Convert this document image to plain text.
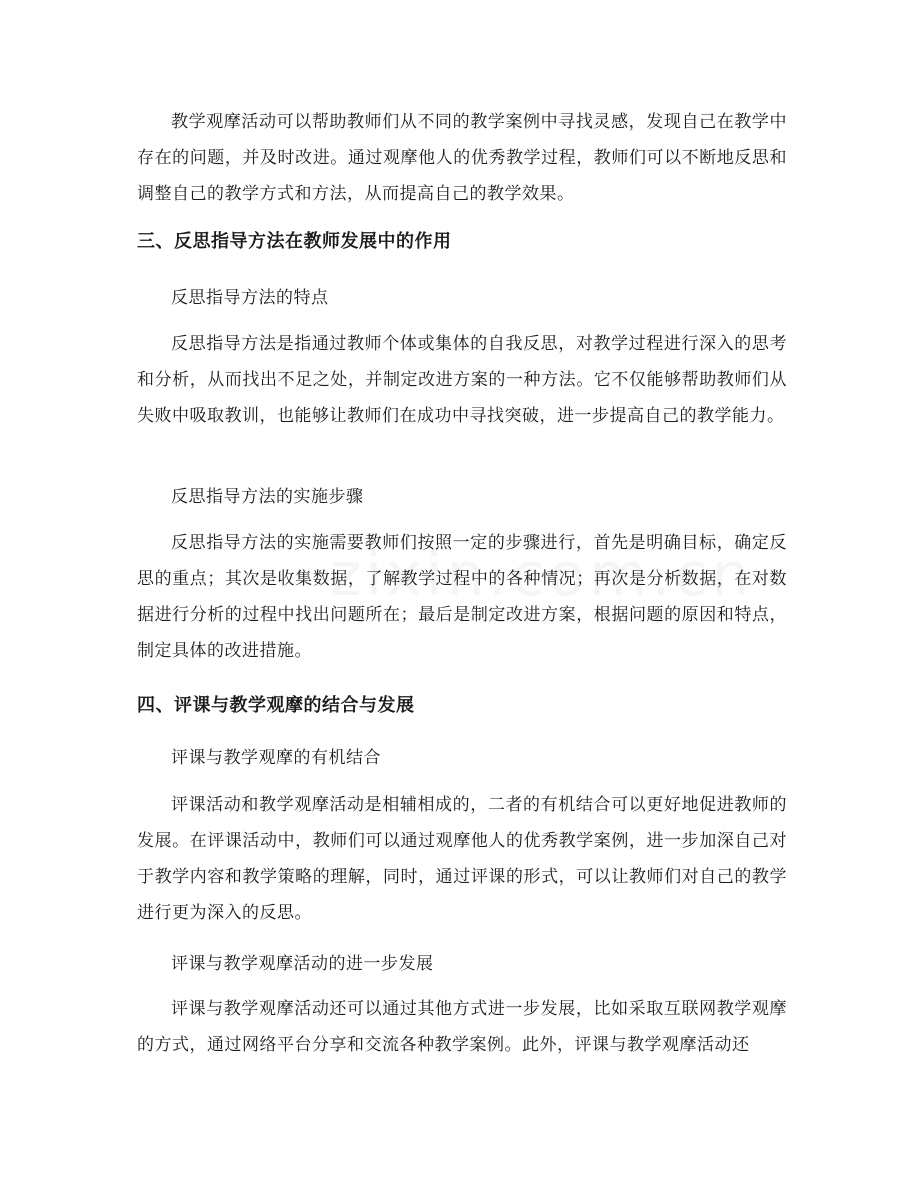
教学观摩活动可以帮助教师们从不同的教学案例中寻找灵感，发现自己在教学中存在的问题，并及时改进。通过观摩他人的优秀教学过程，教师们可以不断地反思和调整自己的教学方式和方法，从而提高自己的教学效果。

三、反思指导方法在教师发展中的作用

反思指导方法的特点

反思指导方法是指通过教师个体或集体的自我反思，对教学过程进行深入的思考和分析，从而找出不足之处，并制定改进方案的一种方法。它不仅能够帮助教师们从失败中吸取教训，也能够让教师们在成功中寻找突破，进一步提高自己的教学能力。

反思指导方法的实施步骤

反思指导方法的实施需要教师们按照一定的步骤进行，首先是明确目标，确定反思的重点；其次是收集数据，了解教学过程中的各种情况；再次是分析数据，在对数据进行分析的过程中找出问题所在；最后是制定改进方案，根据问题的原因和特点，制定具体的改进措施。

四、评课与教学观摩的结合与发展

评课与教学观摩的有机结合

评课活动和教学观摩活动是相辅相成的，二者的有机结合可以更好地促进教师的发展。在评课活动中，教师们可以通过观摩他人的优秀教学案例，进一步加深自己对于教学内容和教学策略的理解，同时，通过评课的形式，可以让教师们对自己的教学进行更为深入的反思。

评课与教学观摩活动的进一步发展

评课与教学观摩活动还可以通过其他方式进一步发展，比如采取互联网教学观摩的方式，通过网络平台分享和交流各种教学案例。此外，评课与教学观摩活动还
